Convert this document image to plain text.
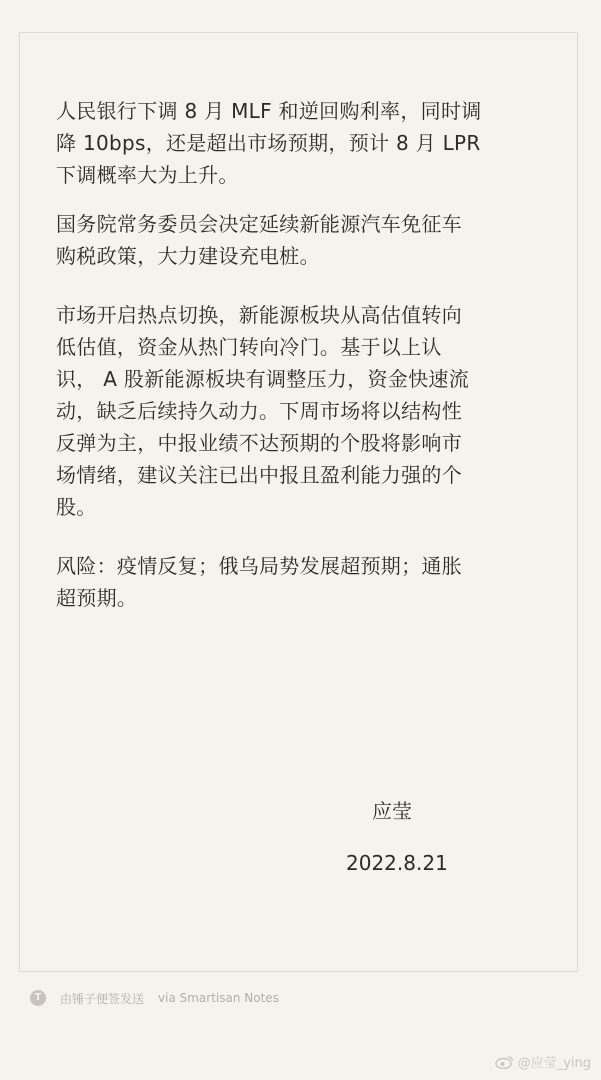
人民银行下调 8 月 MLF 和逆回购利率，同时调
降 10bps，还是超出市场预期，预计 8 月 LPR
下调概率大为上升。

国务院常务委员会决定延续新能源汽车免征车
购税政策，大力建设充电桩。

市场开启热点切换，新能源板块从高估值转向
低估值，资金从热门转向冷门。基于以上认
识， A 股新能源板块有调整压力，资金快速流
动，缺乏后续持久动力。下周市场将以结构性
反弹为主，中报业绩不达预期的个股将影响市
场情绪，建议关注已出中报且盈利能力强的个
股。

风险：疫情反复；俄乌局势发展超预期；通胀
超预期。

应莹
2022.8.21
T	由锤子便签发送 via Smartisan Notes
@应莹_ying
